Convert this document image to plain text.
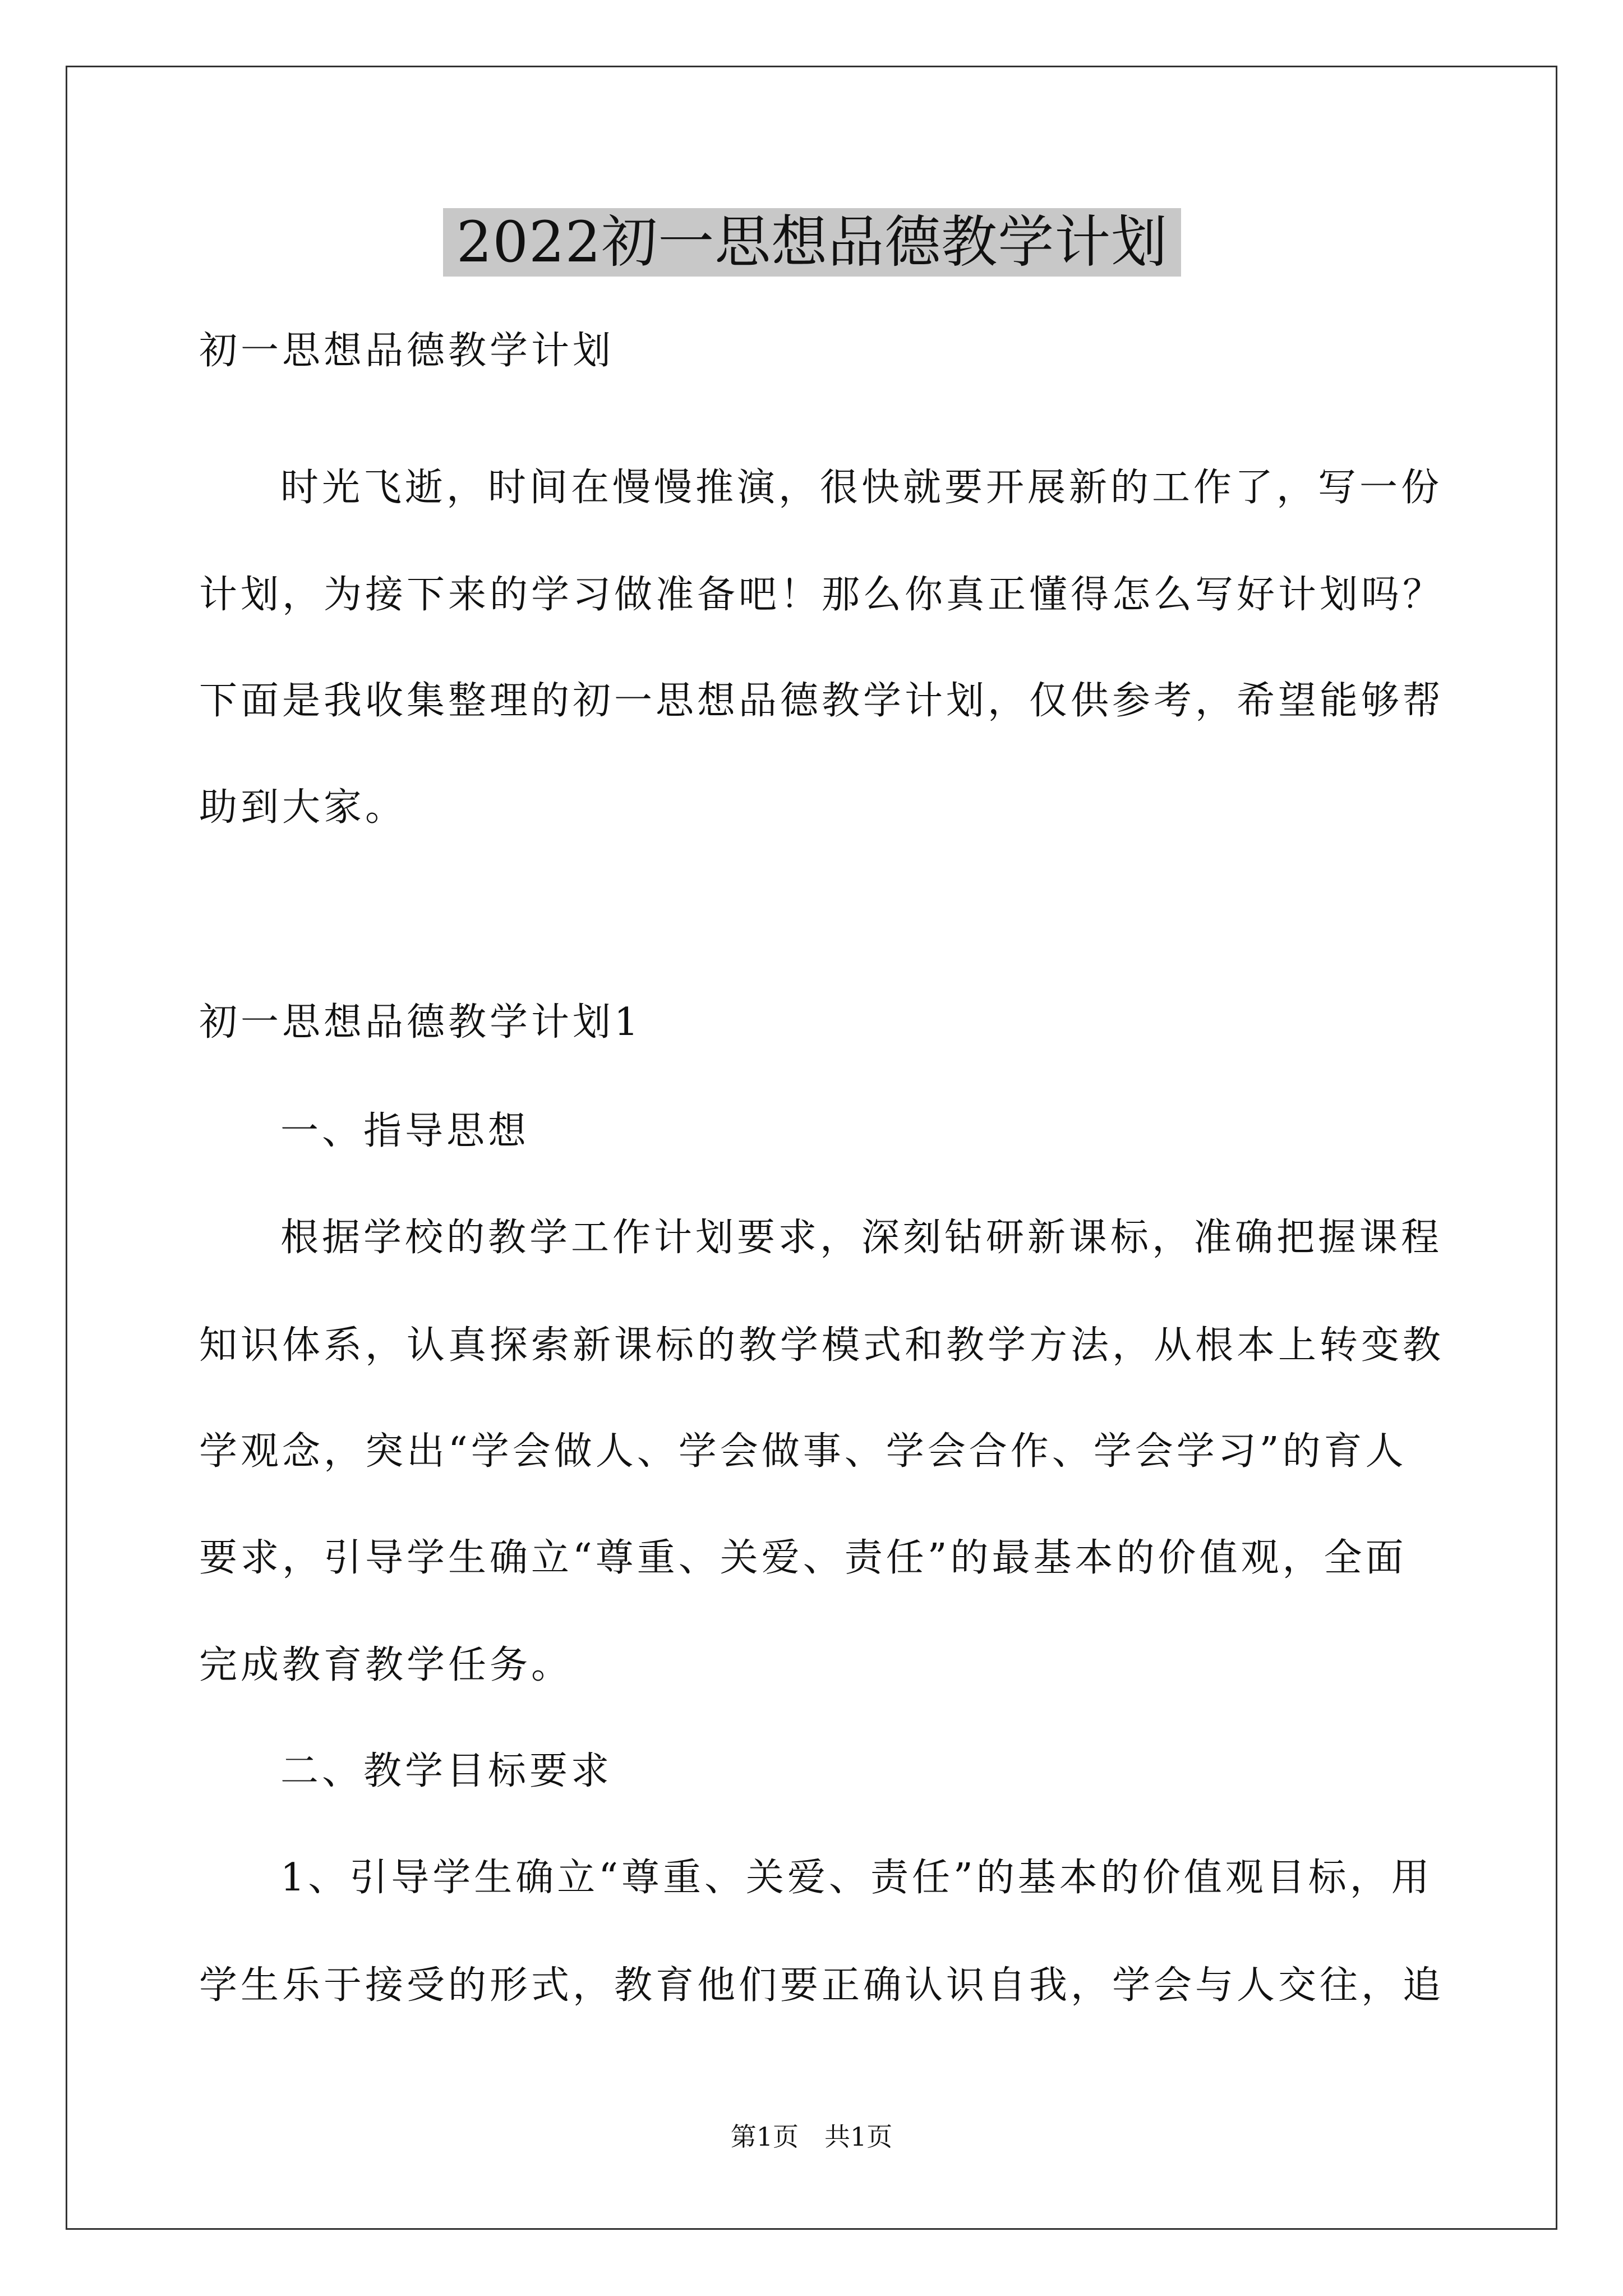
2022初一思想品德教学计划
初一思想品德教学计划
时光飞逝，时间在慢慢推演，很快就要开展新的工作了，写一份
计划，为接下来的学习做准备吧！那么你真正懂得怎么写好计划吗？
下面是我收集整理的初一思想品德教学计划，仅供参考，希望能够帮
助到大家。
初一思想品德教学计划1
一、指导思想
根据学校的教学工作计划要求，深刻钻研新课标，准确把握课程
知识体系，认真探索新课标的教学模式和教学方法，从根本上转变教
学观念，突出“学会做人、学会做事、学会合作、学会学习”的育人
要求，引导学生确立“尊重、关爱、责任”的最基本的价值观，全面
完成教育教学任务。
二、教学目标要求
1、引导学生确立“尊重、关爱、责任”的基本的价值观目标，用
学生乐于接受的形式，教育他们要正确认识自我，学会与人交往，追
第1页　共1页
